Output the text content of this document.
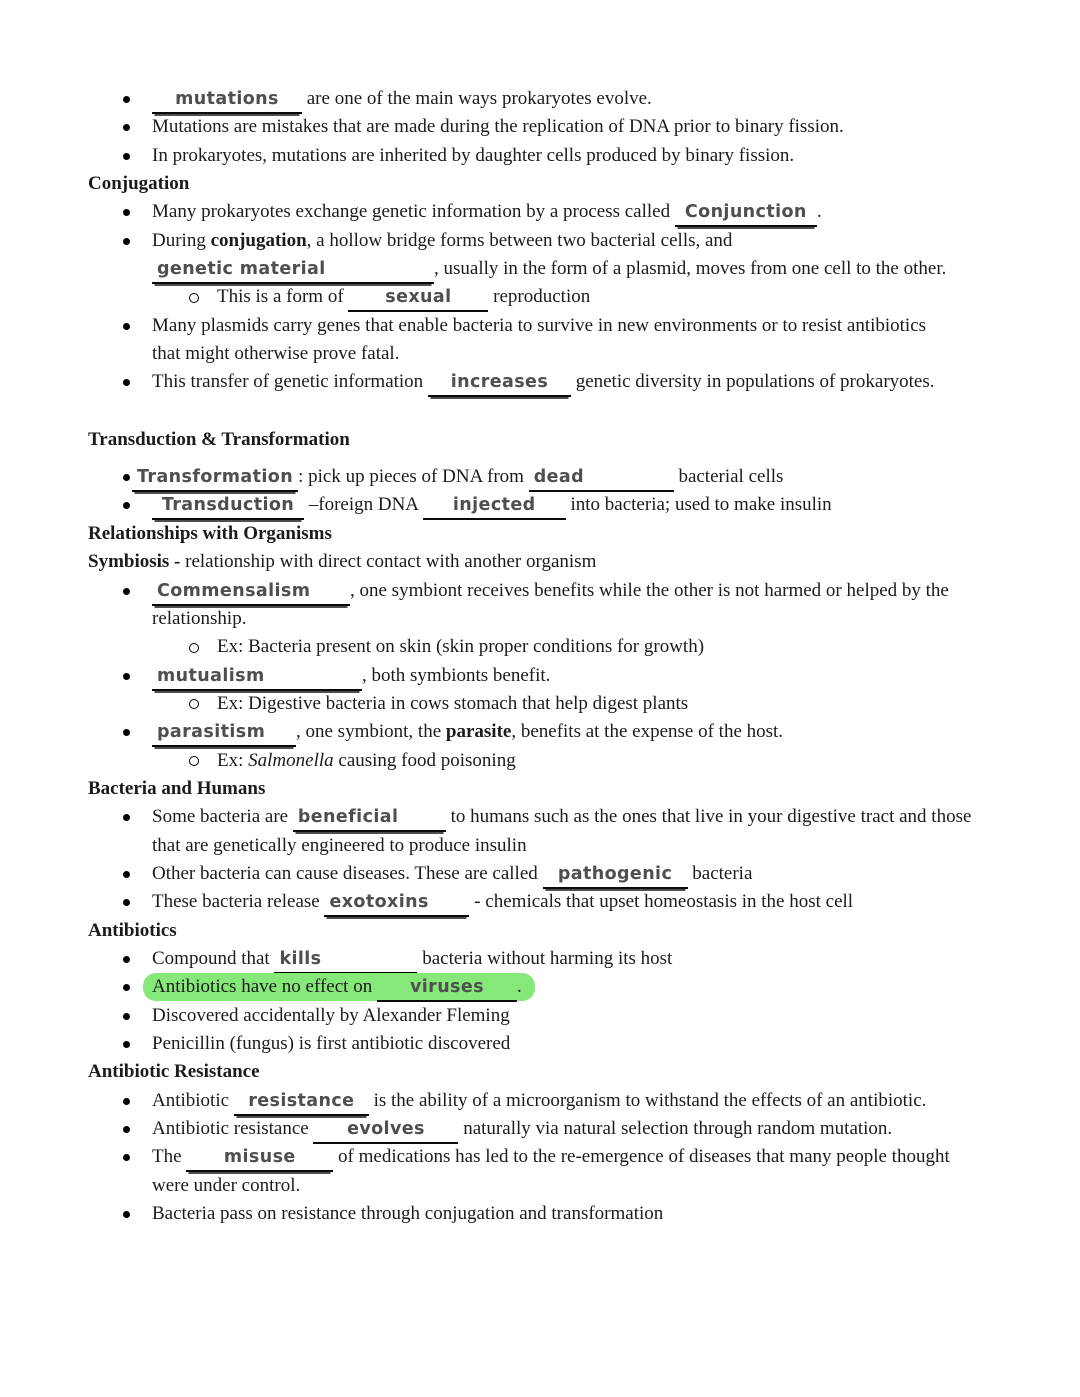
mutations are one of the main ways prokaryotes evolve.
Mutations are mistakes that are made during the replication of DNA prior to binary fission.
In prokaryotes, mutations are inherited by daughter cells produced by binary fission.
Conjugation
Many prokaryotes exchange genetic information by a process called Conjunction .
During conjugation, a hollow bridge forms between two bacterial cells, and
genetic material	, usually in the form of a plasmid, moves from one cell to the other.
This is a form of sexual reproduction
Many plasmids carry genes that enable bacteria to survive in new environments or to resist antibiotics
that might otherwise prove fatal.
This transfer of genetic information increases genetic diversity in populations of prokaryotes.
Transduction & Transformation
Transformation : pick up pieces of DNA from dead	bacterial cells
Transduction –foreign DNA injected into bacteria; used to make insulin
Relationships with Organisms
Symbiosis - relationship with direct contact with another organism
Commensalism , one symbiont receives benefits while the other is not harmed or helped by the
relationship.
Ex: Bacteria present on skin (skin proper conditions for growth)
mutualism	, both symbionts benefit.
Ex: Digestive bacteria in cows stomach that help digest plants
parasitism , one symbiont, the parasite, benefits at the expense of the host.
Ex: Salmonella causing food poisoning
Bacteria and Humans
Some bacteria are beneficial to humans such as the ones that live in your digestive tract and those
that are genetically engineered to produce insulin
Other bacteria can cause diseases. These are called pathogenic bacteria
These bacteria release exotoxins - chemicals that upset homeostasis in the host cell
Antibiotics
Compound that kills	bacteria without harming its host
Antibiotics have no effect on viruses .
Discovered accidentally by Alexander Fleming
Penicillin (fungus) is first antibiotic discovered
Antibiotic Resistance
Antibiotic resistance is the ability of a microorganism to withstand the effects of an antibiotic.
Antibiotic resistance evolves naturally via natural selection through random mutation.
The misuse of medications has led to the re-emergence of diseases that many people thought
were under control.
Bacteria pass on resistance through conjugation and transformation
